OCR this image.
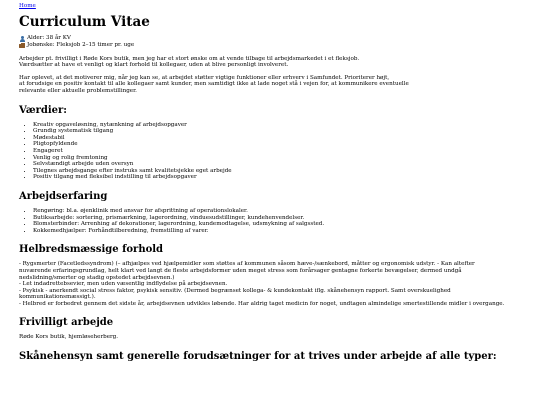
Home
Curriculum Vitae
Alder: 38 år KV
Jobønske: Fleksjob 2–15 timer pr. uge

Arbejder pt. frivilligt i Røde Kors butik, men jeg har et stort ønske om at vende tilbage til arbejdsmarkedet i et fleksjob.
Værdsætter at have et venligt og klart forhold til kollegaer, uden at blive personligt involveret.

Har oplevet, at det motiverer mig, når jeg kan se, at arbejdet støtter vigtige funktioner eller erhverv i Samfundet. Prioriterer højt,
at forudsige en positiv kontakt til alle kollegaer samt kunder, men samtidigt ikke at lade noget stå i vejen for, at kommunikere eventuelle
relevante eller aktuelle problemstillinger.

Værdier:
• Kreativ opgaveløsning, nytænkning af arbejdsopgaver
• Grundig systematisk tilgang
• Mødestabil
• Pligtopfyldende
• Engageret
• Venlig og rolig fremtoning
• Selvstændigt arbejde uden oversyn
• Tilegnes arbejdsgange efter instruks samt kvalitetsjekke eget arbejde
• Positiv tilgang med fleksibel indstilling til arbejdsopgaver
Arbejdserfaring
• Rengøring: bl.a. øjenklinik med ansvar for afsprittning af operationslokaler.
• Butiksarbejde: sortering, prismærkning, lagerordning, vinduesudstillinger, kundehenvendelser.
• Blomsterbinder: Arrenhing af dekorationer, lagerordning, kundemodtagelse, udsmykning af salgssted.
• Kokkemedhjælper: Forhåndtilberedning, fremstilling af varer.
Helbredsmæssige forhold

- Rygsmerter (Facetledssyndrom) (– afhjælpes ved hjælpemidler som støttes af kommunen såsom hæve-/sænkebord, måtter og ergonomisk udstyr. - Kan altefter

nuværende erfaringsgrundlag, helt klart ved langt de fleste arbejdsformer uden meget stress som forårsager gentagne forkerte bevægelser, dermed undgå

nedslidning/smerter og stadig opstedet arbejdsevnen.)

- Let indadrettebsevier, men uden væsentlig indflydelse på arbejdsevnen.

- Psykisk - anerkendt social stress faktor, psykisk sensitiv. (Dermed begrænset kollega- & kundekontakt iflg. skånehensyn rapport. Samt overskuelighed kommunikationsmæssigt.).

- Helbred er forbedret gennem det sidste år, arbejdsevnen udvikles løbende. Har aldrig taget medicin for noget, undtagen almindelige smertestillende midler i overgange.

Frivilligt arbejde

Røde Kors butik, hjemløseherberg.

Skånehensyn samt generelle forudsætninger for at trives under arbejde af alle typer:
